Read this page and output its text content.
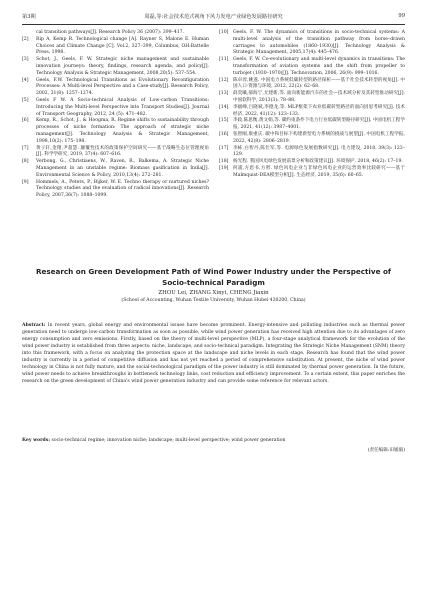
第3期	周磊,等:社会技术范式视角下风力发电产业绿色发展路径研究	99
cal transition pathways[J]. Research Policy 36 (2007): 399–417.
[2]	Rip A, Kemp R. Technological change [A]. Rayner S, Malone E. Human Choices and Climate Change [C]. Vol.2, 327–399, Columbus, OH:Battelle Press, 1998.
[3]	Schot, J., Geels, F. W. Strategic niche management and sustainable innovation journeys: theory, findings, research agenda, and policy[J]. Technology Analysis & Strategic Management, 2008,20(5): 537–554.
[4]	Geels, F.W. Technological Transitions as Evolutionary Reconfiguration Processes: A Multi-level Perspective and a Case-study[J]. Research Policy, 2002, 31(8): 1257–1274.
[5]	Geels F W. A Socio-technical Analysis of Low-carbon Transitions: Introducing the Multi-level Perspective into Transport Studies[J]. Journal of Transport Geography, 2012, 24 (5): 471–482.
[6]	Kemp, R., Schot, J., & Hoogma, R. Regime shifts to sustainability through processes of niche formation: The approach of strategic niche management[J]. Technology Analysis & Strategic Management, 1998,10(2): 175–198.
[7]	黄子轩,金翔,尹超慧. 颠覆性技术的政策保护空间研究——基于战略生态位管理视角[J]. 科学学研究, 2019, 37(4): 607–616.
[8]	Verbong, G., Christiaens, W., Raven, R., Balkema, A. Strategic Niche Management in an unstable regime: Biomass gasification in India[J]. Environmental Science & Policy, 2010,13(4): 272–281.
[9]	Hommels, A., Peters, P., Bijker, W. E. Techno therapy or nurtured niches? Technology studies and the evaluation of radical innovations[J]. Research Policy, 2007,36(7): 1088–1099.
[10] Geels, F. W. The dynamics of transitions in socio-technical systems: A multi-level analysis of the transition pathway from horse–drawn carriages to automobiles (1860–1930)[J]. Technology Analysis & Strategic Management, 2005,17(4): 445–476.
[11] Geels, F. W. Co-evolutionary and multi-level dynamics in transitions: The transformation of aviation systems and the shift from propeller to turbojet (1930–1970)[J]. Technovation, 2006, 26(9): 999–1016.
[12] 陈卓淳,姚遂. 中国电力系统低碳转型的路径探析——基于社会技术转型的视角[J]. 中国人口·资源与环境, 2012, 22(2): 62–68.
[13] 薛奕曦,郝海宁,尤建新,等. 面向新能源汽车的社会—技术域分析及其转型推动研究[J]. 中国软科学, 2013(3): 78–88.
[14] 李媛峰,吕晓斌,李德龙,等. MLP框架下农业低碳转型路径的面向因思考研究[J]. 技术经济, 2022, 41(12): 123–133.
[15] 李政,陈思衡,黄文娟,等. 碳约束条件下电力行业低碳转型路径研究[J]. 中国电机工程学报, 2021, 41(12): 3987–4001.
[16] 张智刚,康重庆. 碳中和目标下构建新型电力系统的挑战与展望[J]. 中国电机工程学报, 2022, 42(8): 2806–2819.
[17] 李栋,白智丹,陈仕军,等. 电源绿色发展指数研究[J]. 电力建设, 2018, 39(3): 123–129.
[18] 杨光程. 我国风电绿色发展前景分析和政策建议[J]. 环境保护, 2018, 46(2): 17–19.
[19] 何浦,方恩书,方智. 绿色风电企业与非绿色风电企业的运营效率比较研究——基于Malmquist-DEA模型分析[J]. 生态经济, 2019, 35(6): 60–65.

Research on Green Development Path of Wind Power Industry under the Perspective of

Socio-technical Paradigm

ZHOU Lei, ZHANG Xinyi, CHENG Jiaxin
(School of Accounting, Wuhan Textile University, Wuhan Hubei 430200, China)
Abstract: In recent years, global energy and environmental issues have become prominent. Energy-intensive and polluting industries such as thermal power generation need to undergo low-carbon transformation as soon as possible, while wind power generation has received high attention due to its advantages of zero energy consumption and zero emissions. Firstly, based on the theory of multi-level perspective (MLP), a four-stage analytical framework for the evolution of the wind power industry is established from three aspects: niche, landscape, and socio-technical paradigm. Integrating the Strategic Niche Management (SNM) theory into this framework, with a focus on analyzing the protection space at the landscape and niche levels in each stage. Research has found that the wind power industry is currently in a period of competitive diffusion and has not yet reached a period of comprehensive substitution. At present, the niche of wind power technology in China is not fully mature, and the social-technological paradigm of the power industry is still dominated by thermal power generation. In the future, wind power needs to achieve breakthroughs in bottleneck technology links, cost reduction and efficiency improvement. To a certain extent, this paper enriches the research on the green development of China's wind power generation industry and can provide some reference for relevant actors.
Key words: socio-technical regime; innovation niche; landscape; multi-level perspective; wind power generation
(责任编辑:田媛毅)
